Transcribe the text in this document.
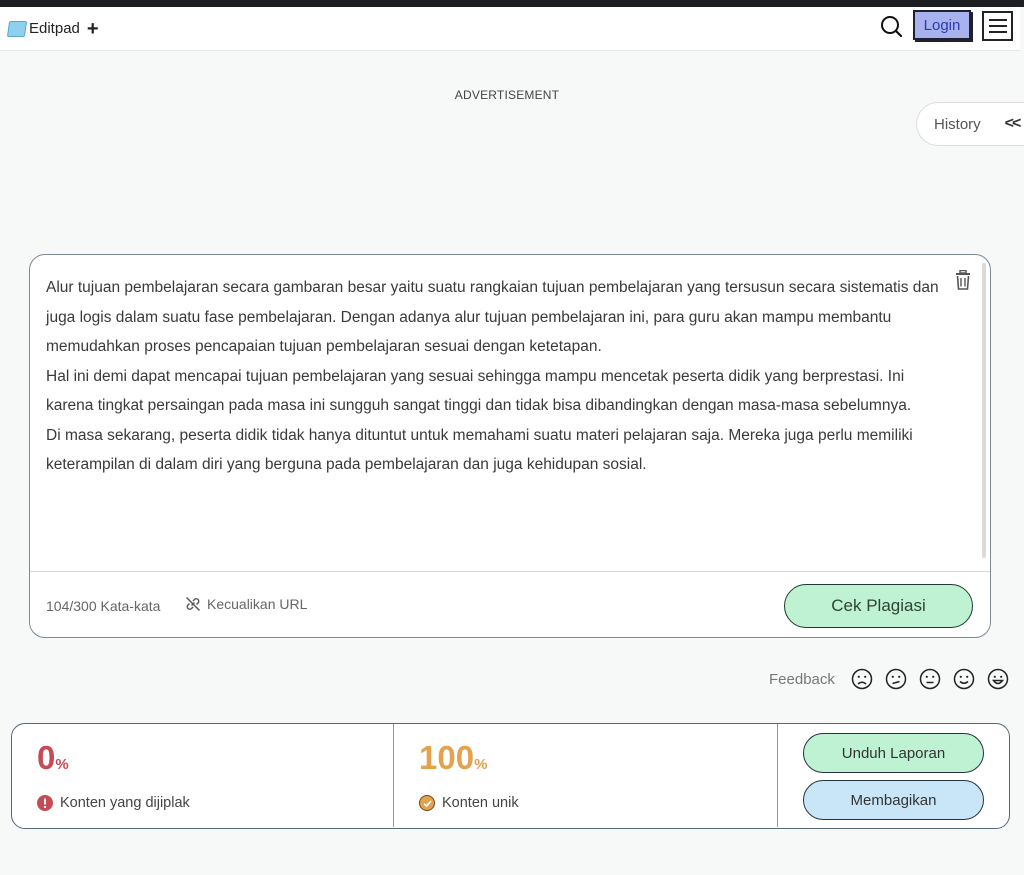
Editpad +	Login
ADVERTISEMENT
History <<
Alur tujuan pembelajaran secara gambaran besar yaitu suatu rangkaian tujuan pembelajaran yang tersusun secara sistematis dan juga logis dalam suatu fase pembelajaran. Dengan adanya alur tujuan pembelajaran ini, para guru akan mampu membantu memudahkan proses pencapaian tujuan pembelajaran sesuai dengan ketetapan.
Hal ini demi dapat mencapai tujuan pembelajaran yang sesuai sehingga mampu mencetak peserta didik yang berprestasi. Ini karena tingkat persaingan pada masa ini sungguh sangat tinggi dan tidak bisa dibandingkan dengan masa-masa sebelumnya.
Di masa sekarang, peserta didik tidak hanya dituntut untuk memahami suatu materi pelajaran saja. Mereka juga perlu memiliki keterampilan di dalam diri yang berguna pada pembelajaran dan juga kehidupan sosial.
104/300 Kata-kata	Kecualikan URL	Cek Plagiasi
Feedback
0%
Konten yang dijiplak
100%
Konten unik
Unduh Laporan
Membagikan
